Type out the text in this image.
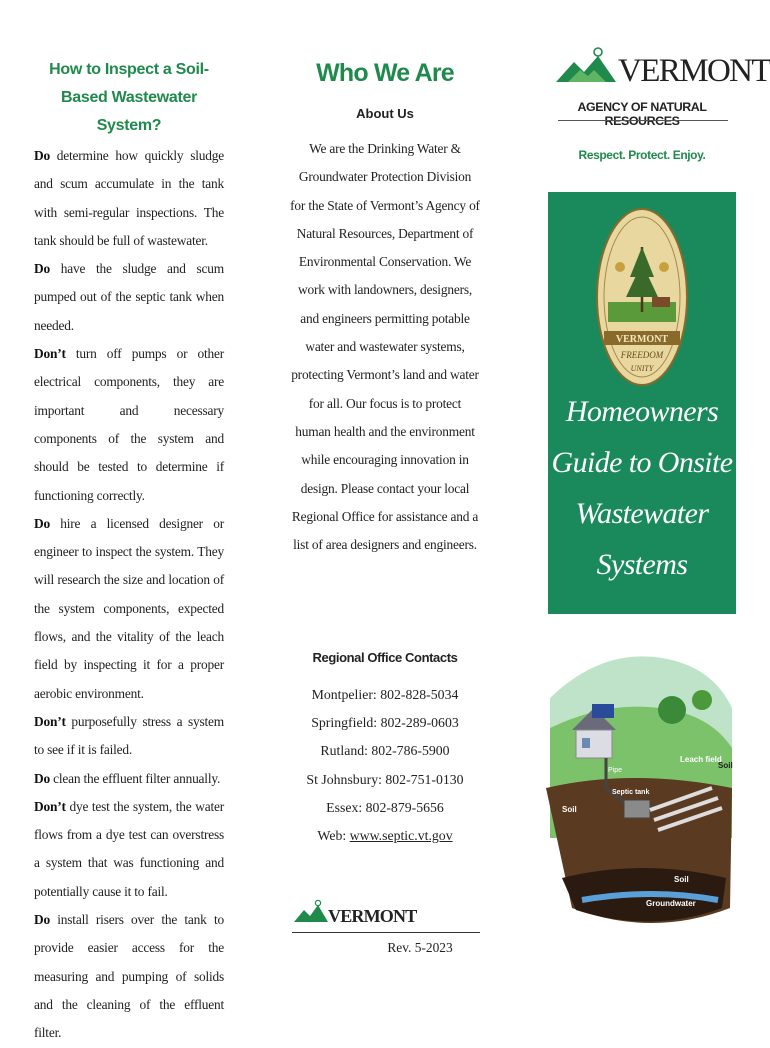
How to Inspect a Soil-Based Wastewater System?

Do determine how quickly sludge and scum accumulate in the tank with semi-regular inspections. The tank should be full of wastewater.

Do have the sludge and scum pumped out of the septic tank when needed.

Don’t turn off pumps or other electrical components, they are important and necessary components of the system and should be tested to determine if functioning correctly.

Do hire a licensed designer or engineer to inspect the system. They will research the size and location of the system components, expected flows, and the vitality of the leach field by inspecting it for a proper aerobic environment.

Don’t purposefully stress a system to see if it is failed.

Do clean the effluent filter annually.

Don’t dye test the system, the water flows from a dye test can overstress a system that was functioning and potentially cause it to fail.

Do install risers over the tank to provide easier access for the measuring and pumping of solids and the cleaning of the effluent filter.

Who We Are
About Us

We are the Drinking Water & Groundwater Protection Division for the State of Vermont’s Agency of Natural Resources, Department of Environmental Conservation. We work with landowners, designers, and engineers permitting potable water and wastewater systems, protecting Vermont’s land and water for all. Our focus is to protect human health and the environment while encouraging innovation in design. Please contact your local Regional Office for assistance and a list of area designers and engineers.

Regional Office Contacts
Montpelier: 802-828-5034
Springfield: 802-289-0603
Rutland: 802-786-5900
St Johnsbury: 802-751-0130
Essex: 802-879-5656
Web: www.septic.vt.gov
VERMONT
Rev. 5-2023
VERMONT
AGENCY OF NATURAL RESOURCES
Respect. Protect. Enjoy.
VERMONT
FREEDOM
UNITY
Homeowners
Guide to Onsite
Wastewater
Systems
Pipe
Leach field
Soil
Septic tank
Soil
Soil
Groundwater
